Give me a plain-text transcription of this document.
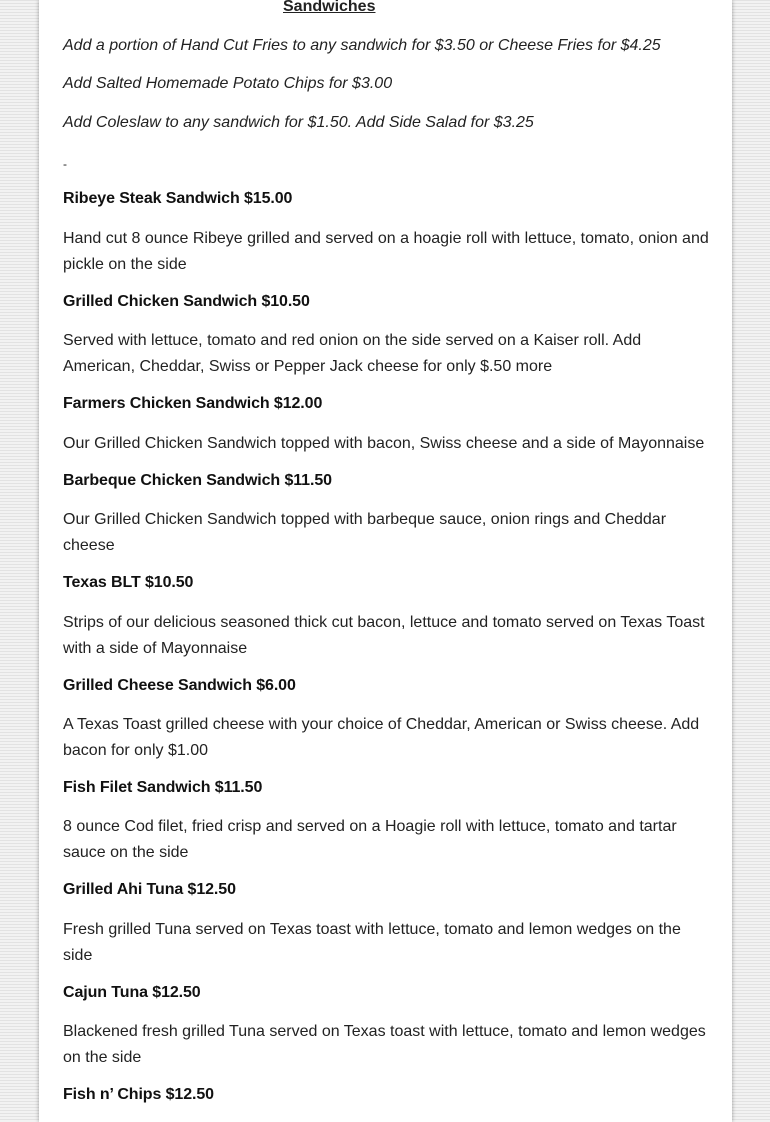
Sandwiches

Add a portion of Hand Cut Fries to any sandwich for $3.50 or Cheese Fries for $4.25

Add Salted Homemade Potato Chips for $3.00

Add Coleslaw to any sandwich for $1.50. Add Side Salad for $3.25

-

Ribeye Steak Sandwich $15.00

Hand cut 8 ounce Ribeye grilled and served on a hoagie roll with lettuce, tomato, onion and pickle on the side

Grilled Chicken Sandwich $10.50

Served with lettuce, tomato and red onion on the side served on a Kaiser roll. Add American, Cheddar, Swiss or Pepper Jack cheese for only $.50 more

Farmers Chicken Sandwich $12.00

Our Grilled Chicken Sandwich topped with bacon, Swiss cheese and a side of Mayonnaise

Barbeque Chicken Sandwich $11.50

Our Grilled Chicken Sandwich topped with barbeque sauce, onion rings and Cheddar cheese

Texas BLT $10.50

Strips of our delicious seasoned thick cut bacon, lettuce and tomato served on Texas Toast with a side of Mayonnaise

Grilled Cheese Sandwich $6.00

A Texas Toast grilled cheese with your choice of Cheddar, American or Swiss cheese. Add bacon for only $1.00

Fish Filet Sandwich $11.50

8 ounce Cod filet, fried crisp and served on a Hoagie roll with lettuce, tomato and tartar sauce on the side

Grilled Ahi Tuna $12.50

Fresh grilled Tuna served on Texas toast with lettuce, tomato and lemon wedges on the side

Cajun Tuna $12.50

Blackened fresh grilled Tuna served on Texas toast with lettuce, tomato and lemon wedges on the side

Fish n’ Chips $12.50
